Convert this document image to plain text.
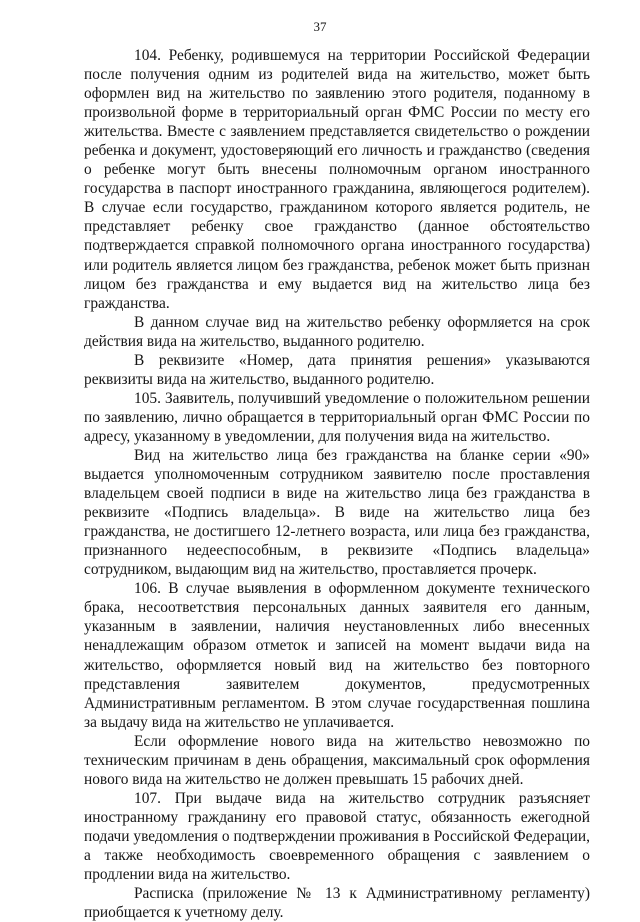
37

104. Ребенку, родившемуся на территории Российской Федерации после получения одним из родителей вида на жительство, может быть оформлен вид на жительство по заявлению этого родителя, поданному в произвольной форме в территориальный орган ФМС России по месту его жительства. Вместе с заявлением представляется свидетельство о рождении ребенка и документ, удостоверяющий его личность и гражданство (сведения о ребенке могут быть внесены полномочным органом иностранного государства в паспорт иностранного гражданина, являющегося родителем). В случае если государство, гражданином которого является родитель, не представляет ребенку свое гражданство (данное обстоятельство подтверждается справкой полномочного органа иностранного государства) или родитель является лицом без гражданства, ребенок может быть признан лицом без гражданства и ему выдается вид на жительство лица без гражданства.

В данном случае вид на жительство ребенку оформляется на срок действия вида на жительство, выданного родителю.

В реквизите «Номер, дата принятия решения» указываются реквизиты вида на жительство, выданного родителю.

105. Заявитель, получивший уведомление о положительном решении по заявлению, лично обращается в территориальный орган ФМС России по адресу, указанному в уведомлении, для получения вида на жительство.

Вид на жительство лица без гражданства на бланке серии «90» выдается уполномоченным сотрудником заявителю после проставления владельцем своей подписи в виде на жительство лица без гражданства в реквизите «Подпись владельца». В виде на жительство лица без гражданства, не достигшего 12-летнего возраста, или лица без гражданства, признанного недееспособным, в реквизите «Подпись владельца» сотрудником, выдающим вид на жительство, проставляется прочерк.

106. В случае выявления в оформленном документе технического брака, несоответствия персональных данных заявителя его данным, указанным в заявлении, наличия неустановленных либо внесенных ненадлежащим образом отметок и записей на момент выдачи вида на жительство, оформляется новый вид на жительство без повторного представления заявителем документов, предусмотренных Административным регламентом. В этом случае государственная пошлина за выдачу вида на жительство не уплачивается.

Если оформление нового вида на жительство невозможно по техническим причинам в день обращения, максимальный срок оформления нового вида на жительство не должен превышать 15 рабочих дней.

107. При выдаче вида на жительство сотрудник разъясняет иностранному гражданину его правовой статус, обязанность ежегодной подачи уведомления о подтверждении проживания в Российской Федерации, а также необходимость своевременного обращения с заявлением о продлении вида на жительство.

Расписка (приложение № 13 к Административному регламенту) приобщается к учетному делу.
